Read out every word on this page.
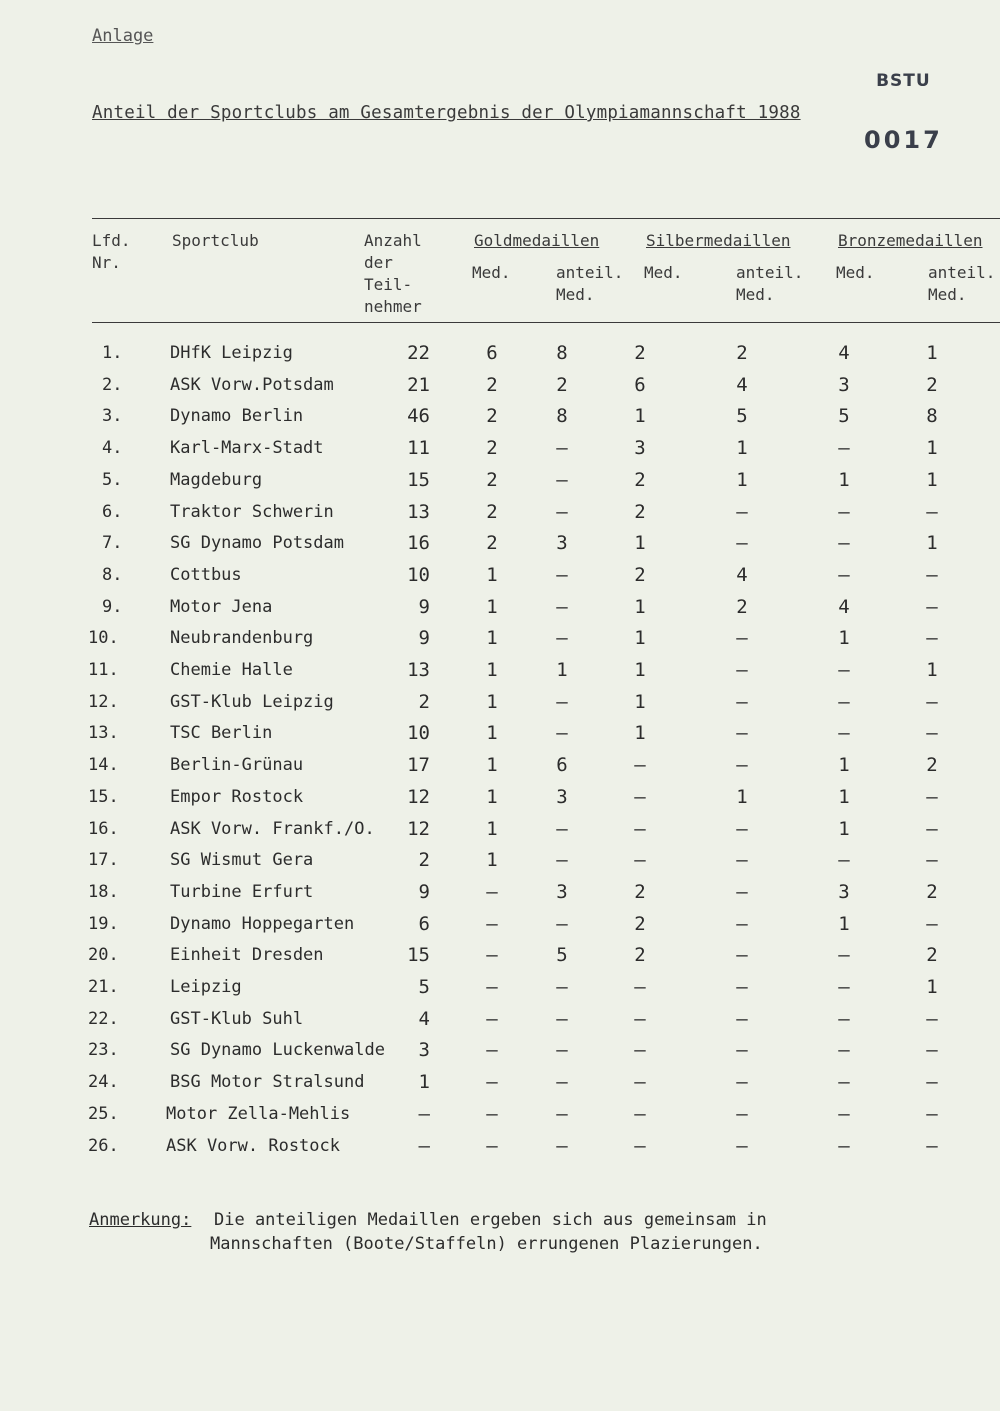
Anlage

BSTU

0017

Anteil der Sportclubs am Gesamtergebnis der Olympiamannschaft 1988
Lfd.
Nr.
Sportclub	Anzahl
der
Teil-
nehmer
Goldmedaillen	Silbermedaillen	Bronzemedaillen
Med.	anteil.
Med.
Med.	anteil.
Med.
Med.	anteil.
Med.
1.	DHfK Leipzig	22	6	8	2	2	4	1
2.	ASK Vorw.Potsdam	21	2	2	6	4	3	2
3.	Dynamo Berlin	46	2	8	1	5	5	8
4.	Karl-Marx-Stadt	11	2	–	3	1	–	1
5.	Magdeburg	15	2	–	2	1	1	1
6.	Traktor Schwerin	13	2	–	2	–	–	–
7.	SG Dynamo Potsdam	16	2	3	1	–	–	1
8.	Cottbus	10	1	–	2	4	–	–
9.	Motor Jena	9	1	–	1	2	4	–
10.	Neubrandenburg	9	1	–	1	–	1	–
11.	Chemie Halle	13	1	1	1	–	–	1
12.	GST-Klub Leipzig	2	1	–	1	–	–	–
13.	TSC Berlin	10	1	–	1	–	–	–
14.	Berlin-Grünau	17	1	6	–	–	1	2
15.	Empor Rostock	12	1	3	–	1	1	–
16.	ASK Vorw. Frankf./O.	12	1	–	–	–	1	–
17.	SG Wismut Gera	2	1	–	–	–	–	–
18.	Turbine Erfurt	9	–	3	2	–	3	2
19.	Dynamo Hoppegarten	6	–	–	2	–	1	–
20.	Einheit Dresden	15	–	5	2	–	–	2
21.	Leipzig	5	–	–	–	–	–	1
22.	GST-Klub Suhl	4	–	–	–	–	–	–
23.	SG Dynamo Luckenwalde	3	–	–	–	–	–	–
24.	BSG Motor Stralsund	1	–	–	–	–	–	–
25.	Motor Zella-Mehlis	–	–	–	–	–	–	–
26.	ASK Vorw. Rostock	–	–	–	–	–	–	–
Anmerkung: Die anteiligen Medaillen ergeben sich aus gemeinsam in
Mannschaften (Boote/Staffeln) errungenen Plazierungen.
